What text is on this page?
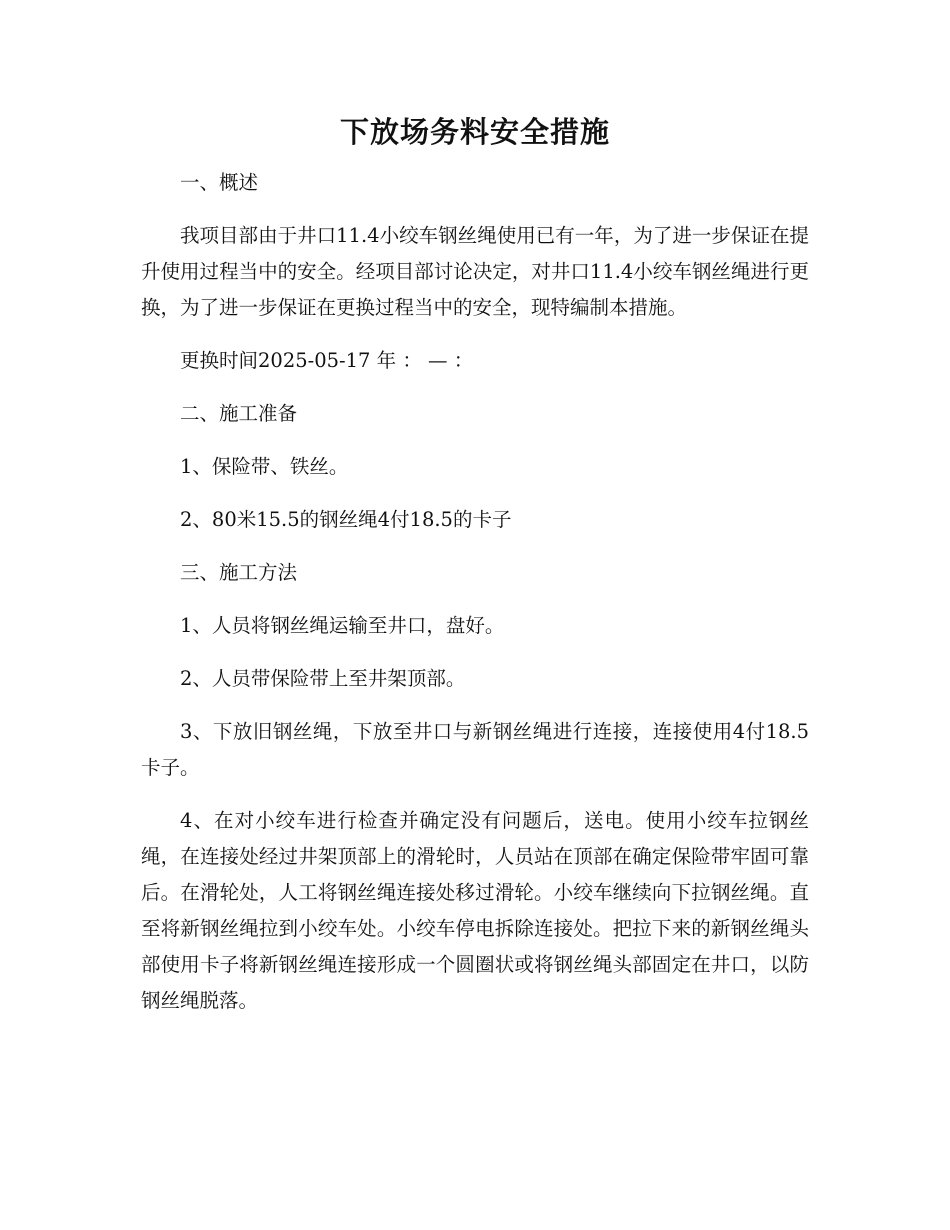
下放场务料安全措施

一、概述

我项目部由于井口11.4小绞车钢丝绳使用已有一年，为了进一步保证在提升使用过程当中的安全。经项目部讨论决定，对井口11.4小绞车钢丝绳进行更换，为了进一步保证在更换过程当中的安全，现特编制本措施。

更换时间2025-05-17 年 ： — ：

二、施工准备

1、保险带、铁丝。

2、80米15.5的钢丝绳4付18.5的卡子

三、施工方法

1、人员将钢丝绳运输至井口，盘好。

2、人员带保险带上至井架顶部。

3、下放旧钢丝绳，下放至井口与新钢丝绳进行连接，连接使用4付18.5卡子。

4、在对小绞车进行检查并确定没有问题后，送电。使用小绞车拉钢丝绳，在连接处经过井架顶部上的滑轮时，人员站在顶部在确定保险带牢固可靠后。在滑轮处，人工将钢丝绳连接处移过滑轮。小绞车继续向下拉钢丝绳。直至将新钢丝绳拉到小绞车处。小绞车停电拆除连接处。把拉下来的新钢丝绳头部使用卡子将新钢丝绳连接形成一个圆圈状或将钢丝绳头部固定在井口，以防钢丝绳脱落。
